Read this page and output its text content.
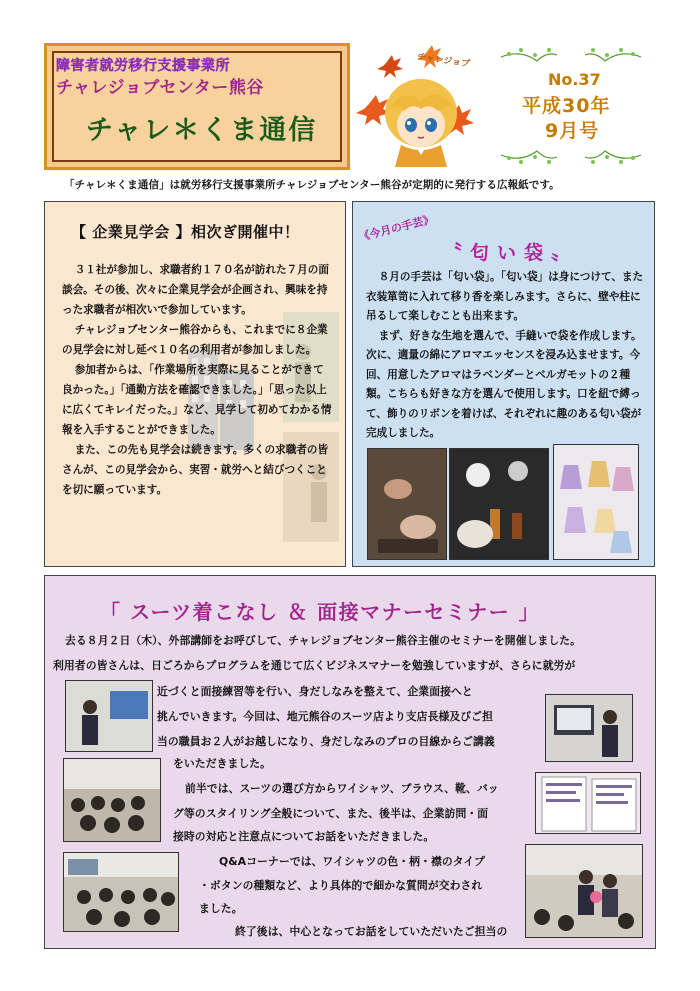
障害者就労移行支援事業所
チャレジョブセンター熊谷
チャレ＊くま通信
チャレジョブ
No.37
平成30年
9月号
「チャレ＊くま通信」は就労移行支援事業所チャレジョブセンター熊谷が定期的に発行する広報紙です。
【 企業見学会 】相次ぎ開催中！

３１社が参加し、求職者約１７０名が訪れた７月の面談会。その後、次々に企業見学会が企画され、興味を持った求職者が相次いで参加しています。

チャレジョブセンター熊谷からも、これまでに８企業の見学会に対し延べ１０名の利用者が参加しました。

参加者からは、「作業場所を実際に見ることができて良かった。」「通勤方法を確認できました。」「思った以上に広くてキレイだった。」など、見学して初めてわかる情報を入手することができました。

また、この先も見学会は続きます。多くの求職者の皆さんが、この見学会から、実習・就労へと結びつくことを切に願っています。

《今月の手芸》
〝匂い袋〟

８月の手芸は「匂い袋」。「匂い袋」は身につけて、また衣装箪笥に入れて移り香を楽しみます。さらに、壁や柱に吊るして楽しむことも出来ます。

まず、好きな生地を選んで、手縫いで袋を作成します。次に、適量の綿にアロマエッセンスを浸み込ませます。今回、用意したアロマはラベンダーとベルガモットの２種類。こちらも好きな方を選んで使用します。口を紐で縛って、飾りのリボンを着けば、それぞれに趣のある匂い袋が完成しました。

「 スーツ着こなし ＆ 面接マナーセミナー 」
去る８月２日（木）、外部講師をお呼びして、チャレジョブセンター熊谷主催のセミナーを開催しました。
利用者の皆さんは、日ごろからプログラムを通じて広くビジネスマナーを勉強していますが、さらに就労が
近づくと面接練習等を行い、身だしなみを整えて、企業面接へと
挑んでいきます。今回は、地元熊谷のスーツ店より支店長様及びご担
当の職員お２人がお越しになり、身だしなみのプロの目線からご講義
をいただきました。
前半では、スーツの選び方からワイシャツ、ブラウス、靴、バッ
グ等のスタイリング全般について、また、後半は、企業訪問・面
接時の対応と注意点についてお話をいただきました。
Q&Aコーナーでは、ワイシャツの色・柄・襟のタイプ
・ボタンの種類など、より具体的で細かな質問が交わされ
ました。
終了後は、中心となってお話をしていただいたご担当の
